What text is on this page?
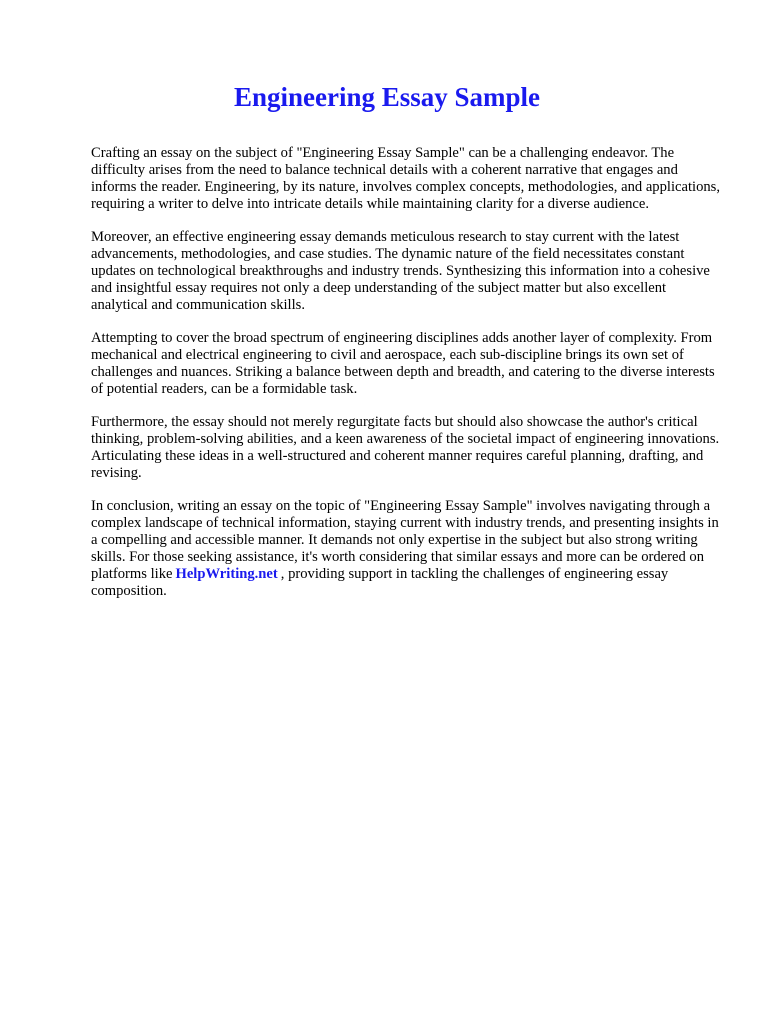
Engineering Essay Sample

Crafting an essay on the subject of "Engineering Essay Sample" can be a challenging endeavor. The difficulty arises from the need to balance technical details with a coherent narrative that engages and informs the reader. Engineering, by its nature, involves complex concepts, methodologies, and applications, requiring a writer to delve into intricate details while maintaining clarity for a diverse audience.

Moreover, an effective engineering essay demands meticulous research to stay current with the latest advancements, methodologies, and case studies. The dynamic nature of the field necessitates constant updates on technological breakthroughs and industry trends. Synthesizing this information into a cohesive and insightful essay requires not only a deep understanding of the subject matter but also excellent analytical and communication skills.

Attempting to cover the broad spectrum of engineering disciplines adds another layer of complexity. From mechanical and electrical engineering to civil and aerospace, each sub-discipline brings its own set of challenges and nuances. Striking a balance between depth and breadth, and catering to the diverse interests of potential readers, can be a formidable task.

Furthermore, the essay should not merely regurgitate facts but should also showcase the author's critical thinking, problem-solving abilities, and a keen awareness of the societal impact of engineering innovations. Articulating these ideas in a well-structured and coherent manner requires careful planning, drafting, and revising.

In conclusion, writing an essay on the topic of "Engineering Essay Sample" involves navigating through a complex landscape of technical information, staying current with industry trends, and presenting insights in a compelling and accessible manner. It demands not only expertise in the subject but also strong writing skills. For those seeking assistance, it's worth considering that similar essays and more can be ordered on platforms like HelpWriting.net , providing support in tackling the challenges of engineering essay composition.
